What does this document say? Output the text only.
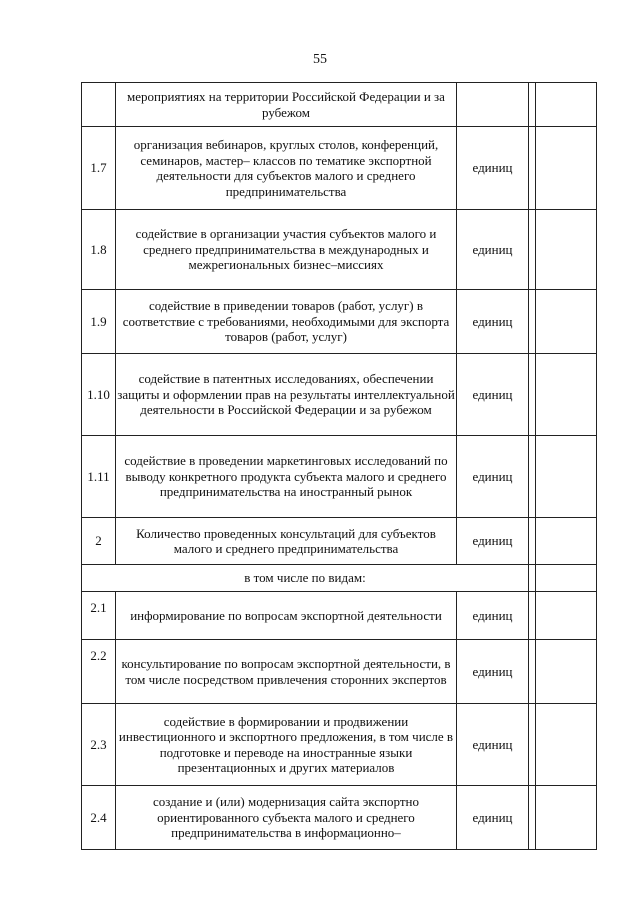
55
	мероприятиях на территории Российской Федерации и за рубежом			
1.7	организация вебинаров, круглых столов, конференций, семинаров, мастер– классов по тематике экспортной деятельности для субъектов малого и среднего предпринимательства	единиц		
1.8	содействие в организации участия субъектов малого и среднего предпринимательства в международных и межрегиональных бизнес–миссиях	единиц		
1.9	содействие в приведении товаров (работ, услуг) в соответствие с требованиями, необходимыми для экспорта товаров (работ, услуг)	единиц		
1.10	содействие в патентных исследованиях, обеспечении защиты и оформлении прав на результаты интеллектуальной деятельности в Российской Федерации и за рубежом	единиц		
1.11	содействие в проведении маркетинговых исследований по выводу конкретного продукта субъекта малого и среднего предпринимательства на иностранный рынок	единиц		
2	Количество проведенных консультаций для субъектов малого и среднего предпринимательства	единиц		
в том числе по видам:				
2.1	информирование по вопросам экспортной деятельности	единиц		
2.2	консультирование по вопросам экспортной деятельности, в том числе посредством привлечения сторонних экспертов	единиц		
2.3	содействие в формировании и продвижении инвестиционного и экспортного предложения, в том числе в подготовке и переводе на иностранные языки презентационных и других материалов	единиц		
2.4	создание и (или) модернизация сайта экспортно ориентированного субъекта малого и среднего предпринимательства в информационно–	единиц		
